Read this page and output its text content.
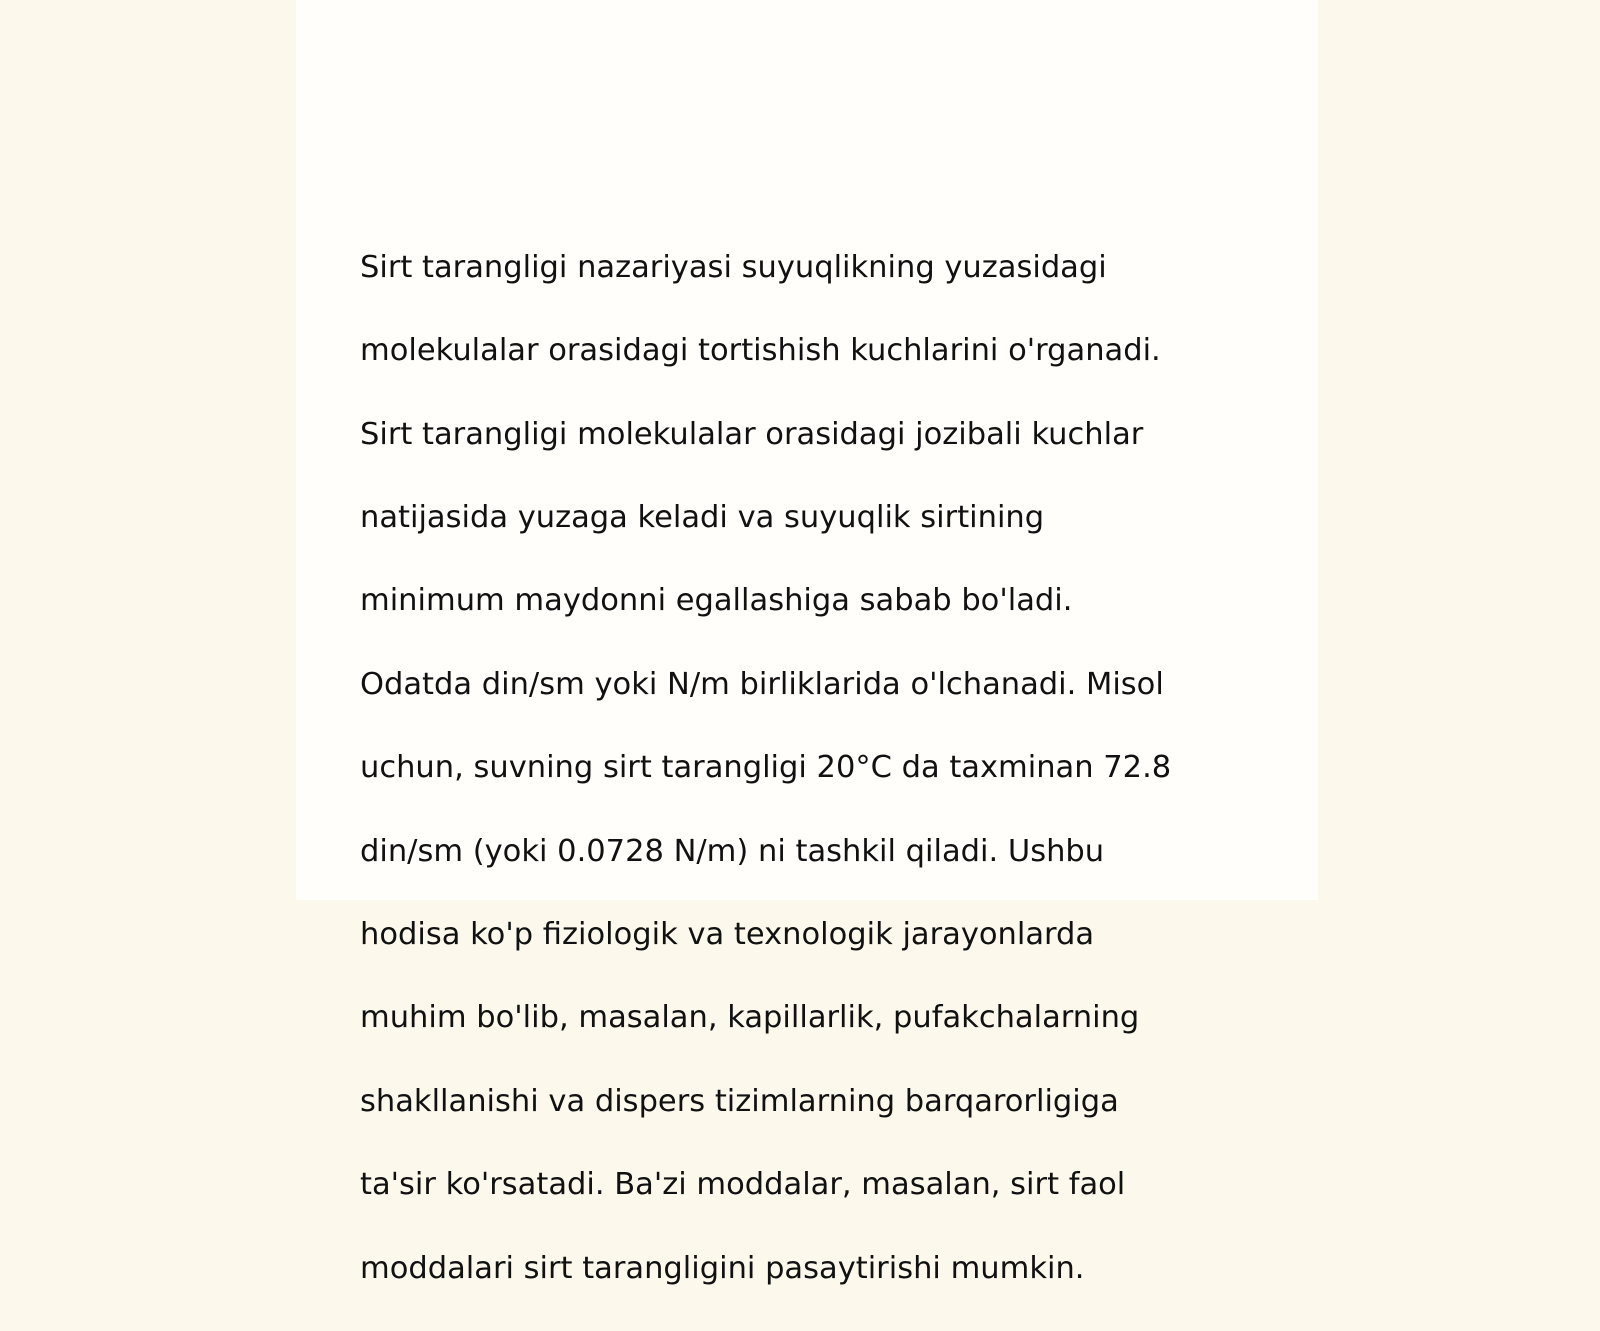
Sirt tarangligi nazariyasi suyuqlikning yuzasidagi

molekulalar orasidagi tortishish kuchlarini o'rganadi.

Sirt tarangligi molekulalar orasidagi jozibali kuchlar

natijasida yuzaga keladi va suyuqlik sirtining

minimum maydonni egallashiga sabab bo'ladi.

Odatda din/sm yoki N/m birliklarida o'lchanadi. Misol

uchun, suvning sirt tarangligi 20°C da taxminan 72.8

din/sm (yoki 0.0728 N/m) ni tashkil qiladi. Ushbu

hodisa ko'p fiziologik va texnologik jarayonlarda

muhim bo'lib, masalan, kapillarlik, pufakchalarning

shakllanishi va dispers tizimlarning barqarorligiga

ta'sir ko'rsatadi. Ba'zi moddalar, masalan, sirt faol

moddalari sirt tarangligini pasaytirishi mumkin.
